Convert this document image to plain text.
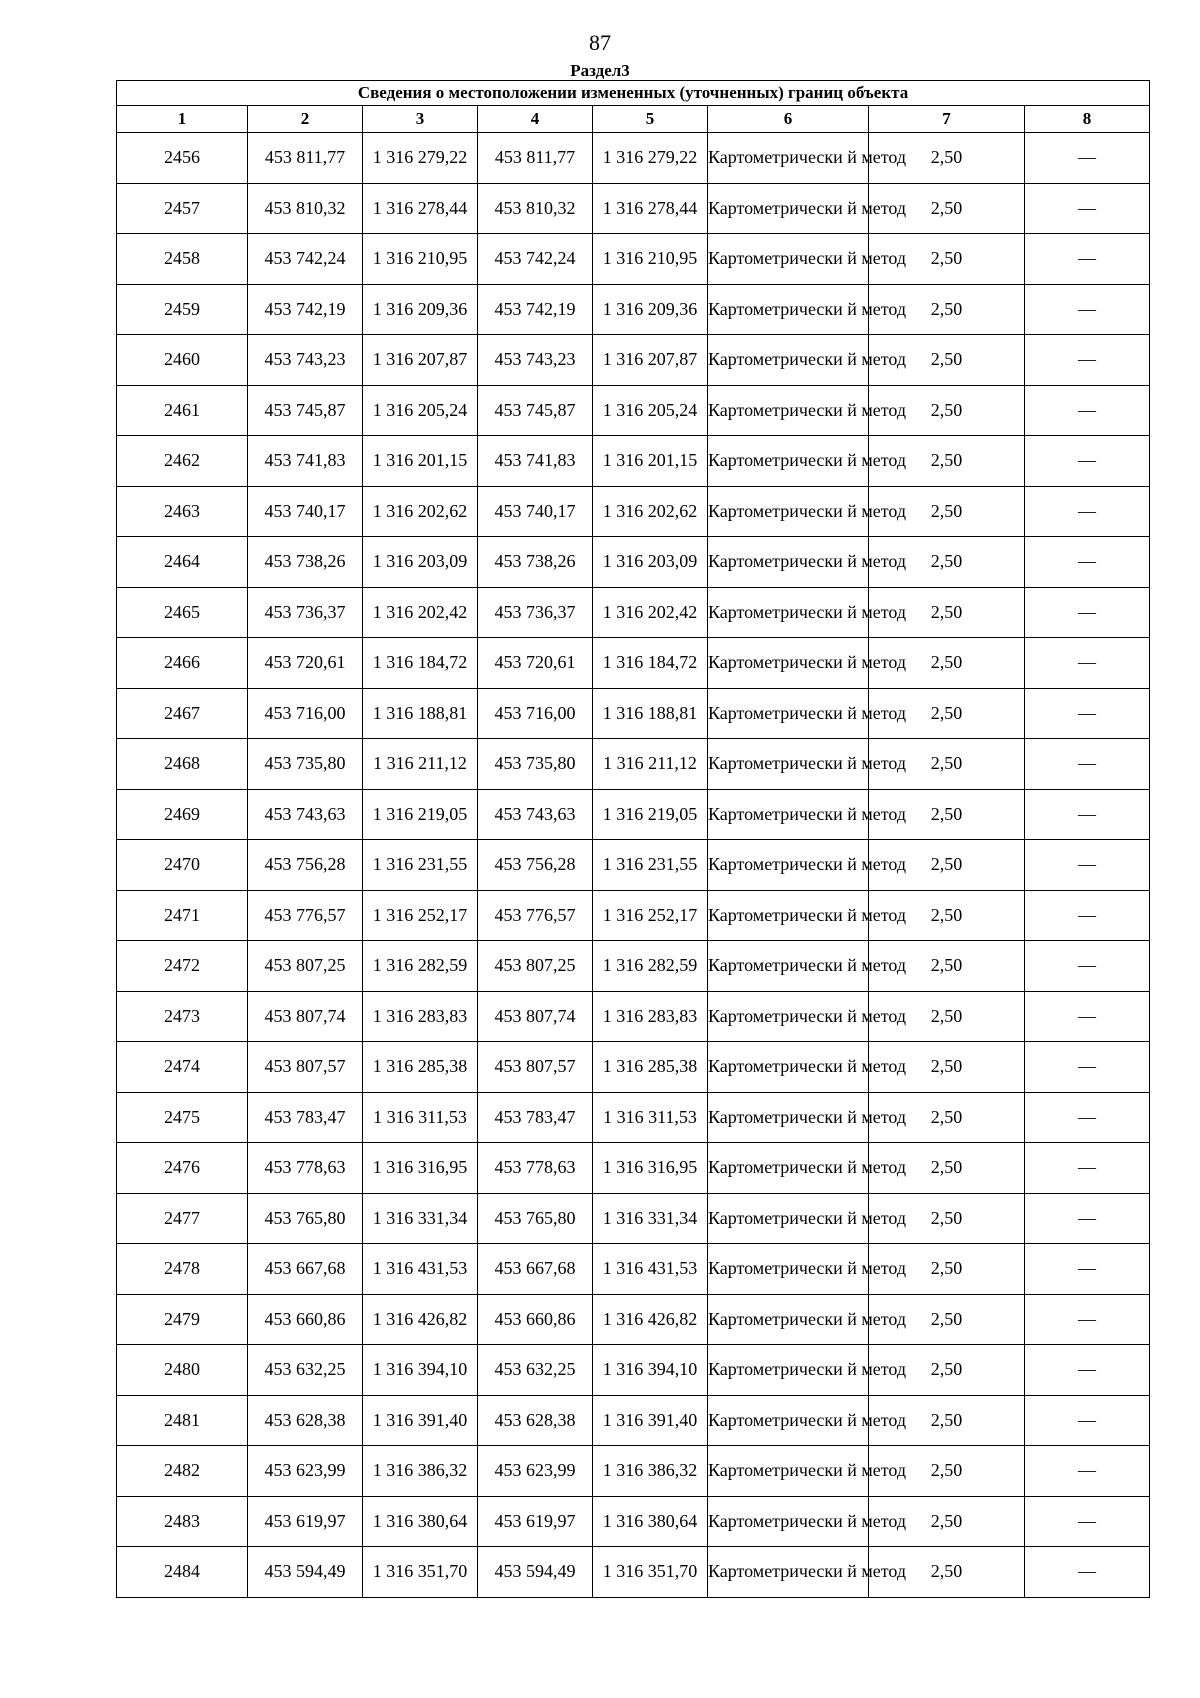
87
Раздел3
Сведения о местоположении измененных (уточненных) границ объекта							
1	2	3	4	5	6	7	8
2456	453 811,77	1 316 279,22	453 811,77	1 316 279,22	Картометрически й метод	2,50	—
2457	453 810,32	1 316 278,44	453 810,32	1 316 278,44	Картометрически й метод	2,50	—
2458	453 742,24	1 316 210,95	453 742,24	1 316 210,95	Картометрически й метод	2,50	—
2459	453 742,19	1 316 209,36	453 742,19	1 316 209,36	Картометрически й метод	2,50	—
2460	453 743,23	1 316 207,87	453 743,23	1 316 207,87	Картометрически й метод	2,50	—
2461	453 745,87	1 316 205,24	453 745,87	1 316 205,24	Картометрически й метод	2,50	—
2462	453 741,83	1 316 201,15	453 741,83	1 316 201,15	Картометрически й метод	2,50	—
2463	453 740,17	1 316 202,62	453 740,17	1 316 202,62	Картометрически й метод	2,50	—
2464	453 738,26	1 316 203,09	453 738,26	1 316 203,09	Картометрически й метод	2,50	—
2465	453 736,37	1 316 202,42	453 736,37	1 316 202,42	Картометрически й метод	2,50	—
2466	453 720,61	1 316 184,72	453 720,61	1 316 184,72	Картометрически й метод	2,50	—
2467	453 716,00	1 316 188,81	453 716,00	1 316 188,81	Картометрически й метод	2,50	—
2468	453 735,80	1 316 211,12	453 735,80	1 316 211,12	Картометрически й метод	2,50	—
2469	453 743,63	1 316 219,05	453 743,63	1 316 219,05	Картометрически й метод	2,50	—
2470	453 756,28	1 316 231,55	453 756,28	1 316 231,55	Картометрически й метод	2,50	—
2471	453 776,57	1 316 252,17	453 776,57	1 316 252,17	Картометрически й метод	2,50	—
2472	453 807,25	1 316 282,59	453 807,25	1 316 282,59	Картометрически й метод	2,50	—
2473	453 807,74	1 316 283,83	453 807,74	1 316 283,83	Картометрически й метод	2,50	—
2474	453 807,57	1 316 285,38	453 807,57	1 316 285,38	Картометрически й метод	2,50	—
2475	453 783,47	1 316 311,53	453 783,47	1 316 311,53	Картометрически й метод	2,50	—
2476	453 778,63	1 316 316,95	453 778,63	1 316 316,95	Картометрически й метод	2,50	—
2477	453 765,80	1 316 331,34	453 765,80	1 316 331,34	Картометрически й метод	2,50	—
2478	453 667,68	1 316 431,53	453 667,68	1 316 431,53	Картометрически й метод	2,50	—
2479	453 660,86	1 316 426,82	453 660,86	1 316 426,82	Картометрически й метод	2,50	—
2480	453 632,25	1 316 394,10	453 632,25	1 316 394,10	Картометрически й метод	2,50	—
2481	453 628,38	1 316 391,40	453 628,38	1 316 391,40	Картометрически й метод	2,50	—
2482	453 623,99	1 316 386,32	453 623,99	1 316 386,32	Картометрически й метод	2,50	—
2483	453 619,97	1 316 380,64	453 619,97	1 316 380,64	Картометрически й метод	2,50	—
2484	453 594,49	1 316 351,70	453 594,49	1 316 351,70	Картометрически й метод	2,50	—
